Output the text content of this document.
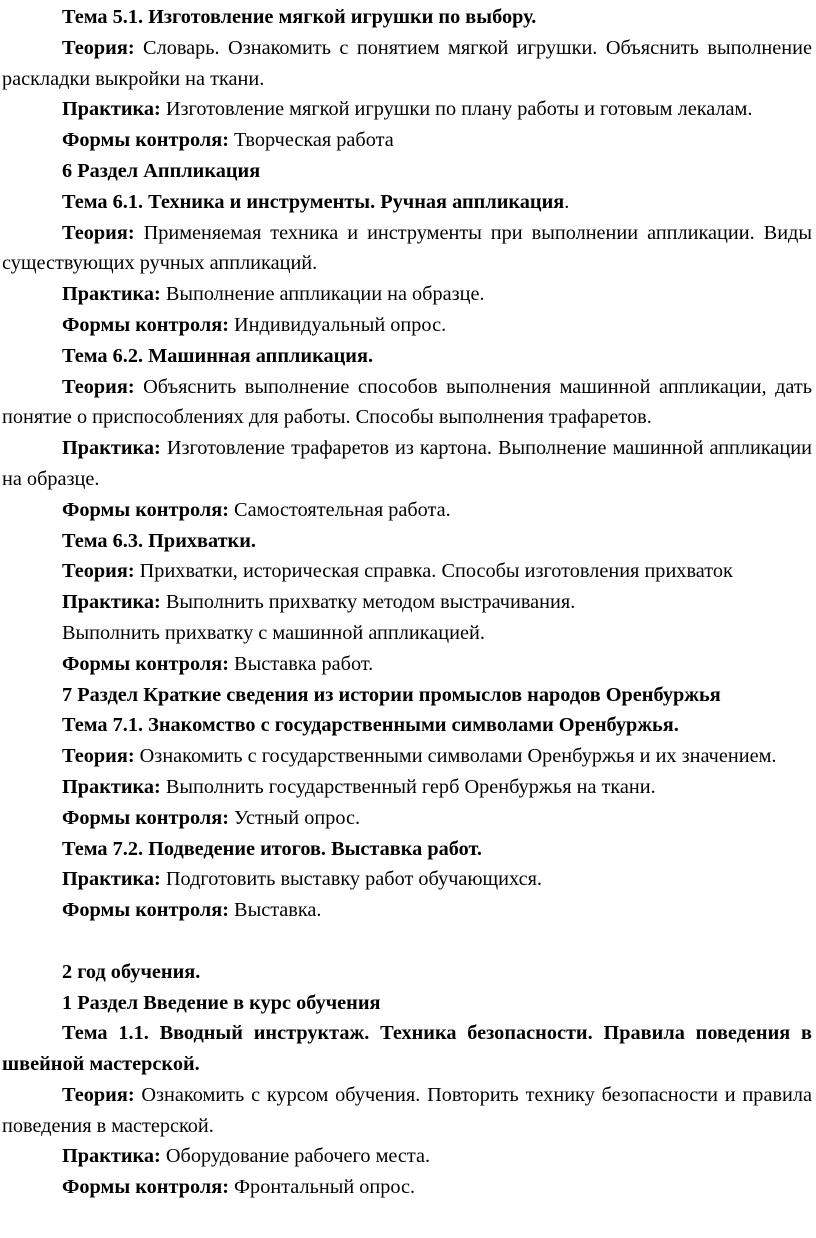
Тема 5.1. Изготовление мягкой игрушки по выбору.

Теория: Словарь. Ознакомить с понятием мягкой игрушки. Объяснить выполнение раскладки выкройки на ткани.

Практика: Изготовление мягкой игрушки по плану работы и готовым лекалам.

Формы контроля: Творческая работа

6 Раздел Аппликация

Тема 6.1. Техника и инструменты. Ручная аппликация.

Теория: Применяемая техника и инструменты при выполнении аппликации. Виды существующих ручных аппликаций.

Практика: Выполнение аппликации на образце.

Формы контроля: Индивидуальный опрос.

Тема 6.2. Машинная аппликация.

Теория: Объяснить выполнение способов выполнения машинной аппликации, дать понятие о приспособлениях для работы. Способы выполнения трафаретов.

Практика: Изготовление трафаретов из картона. Выполнение машинной аппликации на образце.

Формы контроля: Самостоятельная работа.

Тема 6.3. Прихватки.

Теория: Прихватки, историческая справка. Способы изготовления прихваток

Практика: Выполнить прихватку методом выстрачивания.

Выполнить прихватку с машинной аппликацией.

Формы контроля: Выставка работ.

7 Раздел Краткие сведения из истории промыслов народов Оренбуржья

Тема 7.1. Знакомство с государственными символами Оренбуржья.

Теория: Ознакомить с государственными символами Оренбуржья и их значением.

Практика: Выполнить государственный герб Оренбуржья на ткани.

Формы контроля: Устный опрос.

Тема 7.2. Подведение итогов. Выставка работ.

Практика: Подготовить выставку работ обучающихся.

Формы контроля: Выставка.

2 год обучения.

1 Раздел Введение в курс обучения

Тема 1.1. Вводный инструктаж. Техника безопасности. Правила поведения в швейной мастерской.

Теория: Ознакомить с курсом обучения. Повторить технику безопасности и правила поведения в мастерской.

Практика: Оборудование рабочего места.

Формы контроля: Фронтальный опрос.
